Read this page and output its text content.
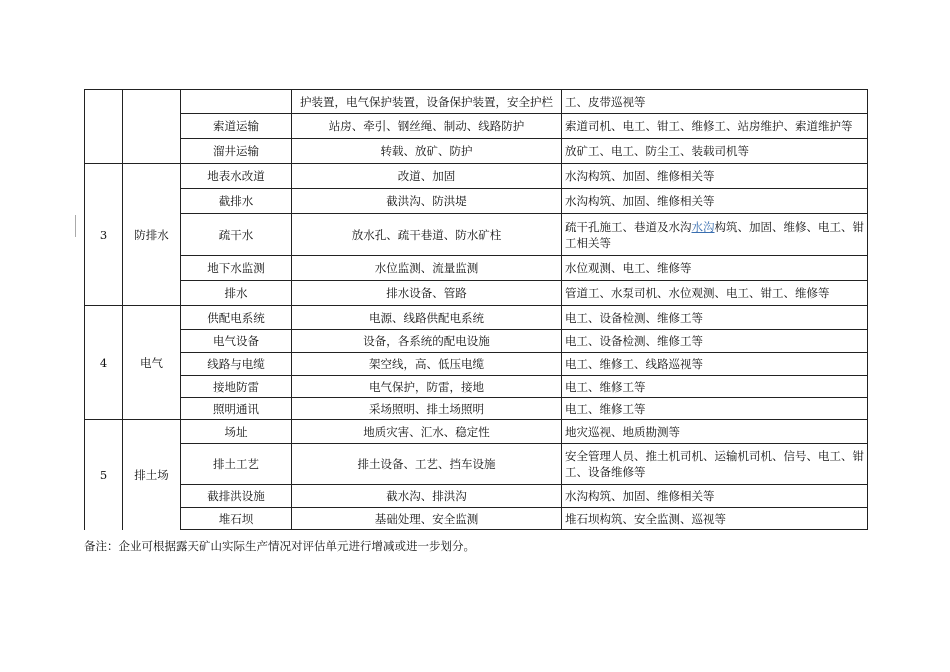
			护装置，电气保护装置，设备保护装置，安全护栏	工、皮带巡视等
		索道运输	站房、牵引、钢丝绳、制动、线路防护	索道司机、电工、钳工、维修工、站房维护、索道维护等
		溜井运输	转载、放矿、防护	放矿工、电工、防尘工、装载司机等
3	防排水	地表水改道	改道、加固	水沟构筑、加固、维修相关等
		截排水	截洪沟、防洪堤	水沟构筑、加固、维修相关等
		疏干水	放水孔、疏干巷道、防水矿柱	疏干孔施工、巷道及水沟水沟构筑、加固、维修、电工、钳工相关等
		地下水监测	水位监测、流量监测	水位观测、电工、维修等
		排水	排水设备、管路	管道工、水泵司机、水位观测、电工、钳工、维修等
4	电气	供配电系统	电源、线路供配电系统	电工、设备检测、维修工等
		电气设备	设备，各系统的配电设施	电工、设备检测、维修工等
		线路与电缆	架空线，高、低压电缆	电工、维修工、线路巡视等
		接地防雷	电气保护，防雷，接地	电工、维修工等
		照明通讯	采场照明、排土场照明	电工、维修工等
5	排土场	场址	地质灾害、汇水、稳定性	地灾巡视、地质勘测等
		排土工艺	排土设备、工艺、挡车设施	安全管理人员、推土机司机、运输机司机、信号、电工、钳工、设备维修等
		截排洪设施	截水沟、排洪沟	水沟构筑、加固、维修相关等
		堆石坝	基础处理、安全监测	堆石坝构筑、安全监测、巡视等
备注：企业可根据露天矿山实际生产情况对评估单元进行增减或进一步划分。
